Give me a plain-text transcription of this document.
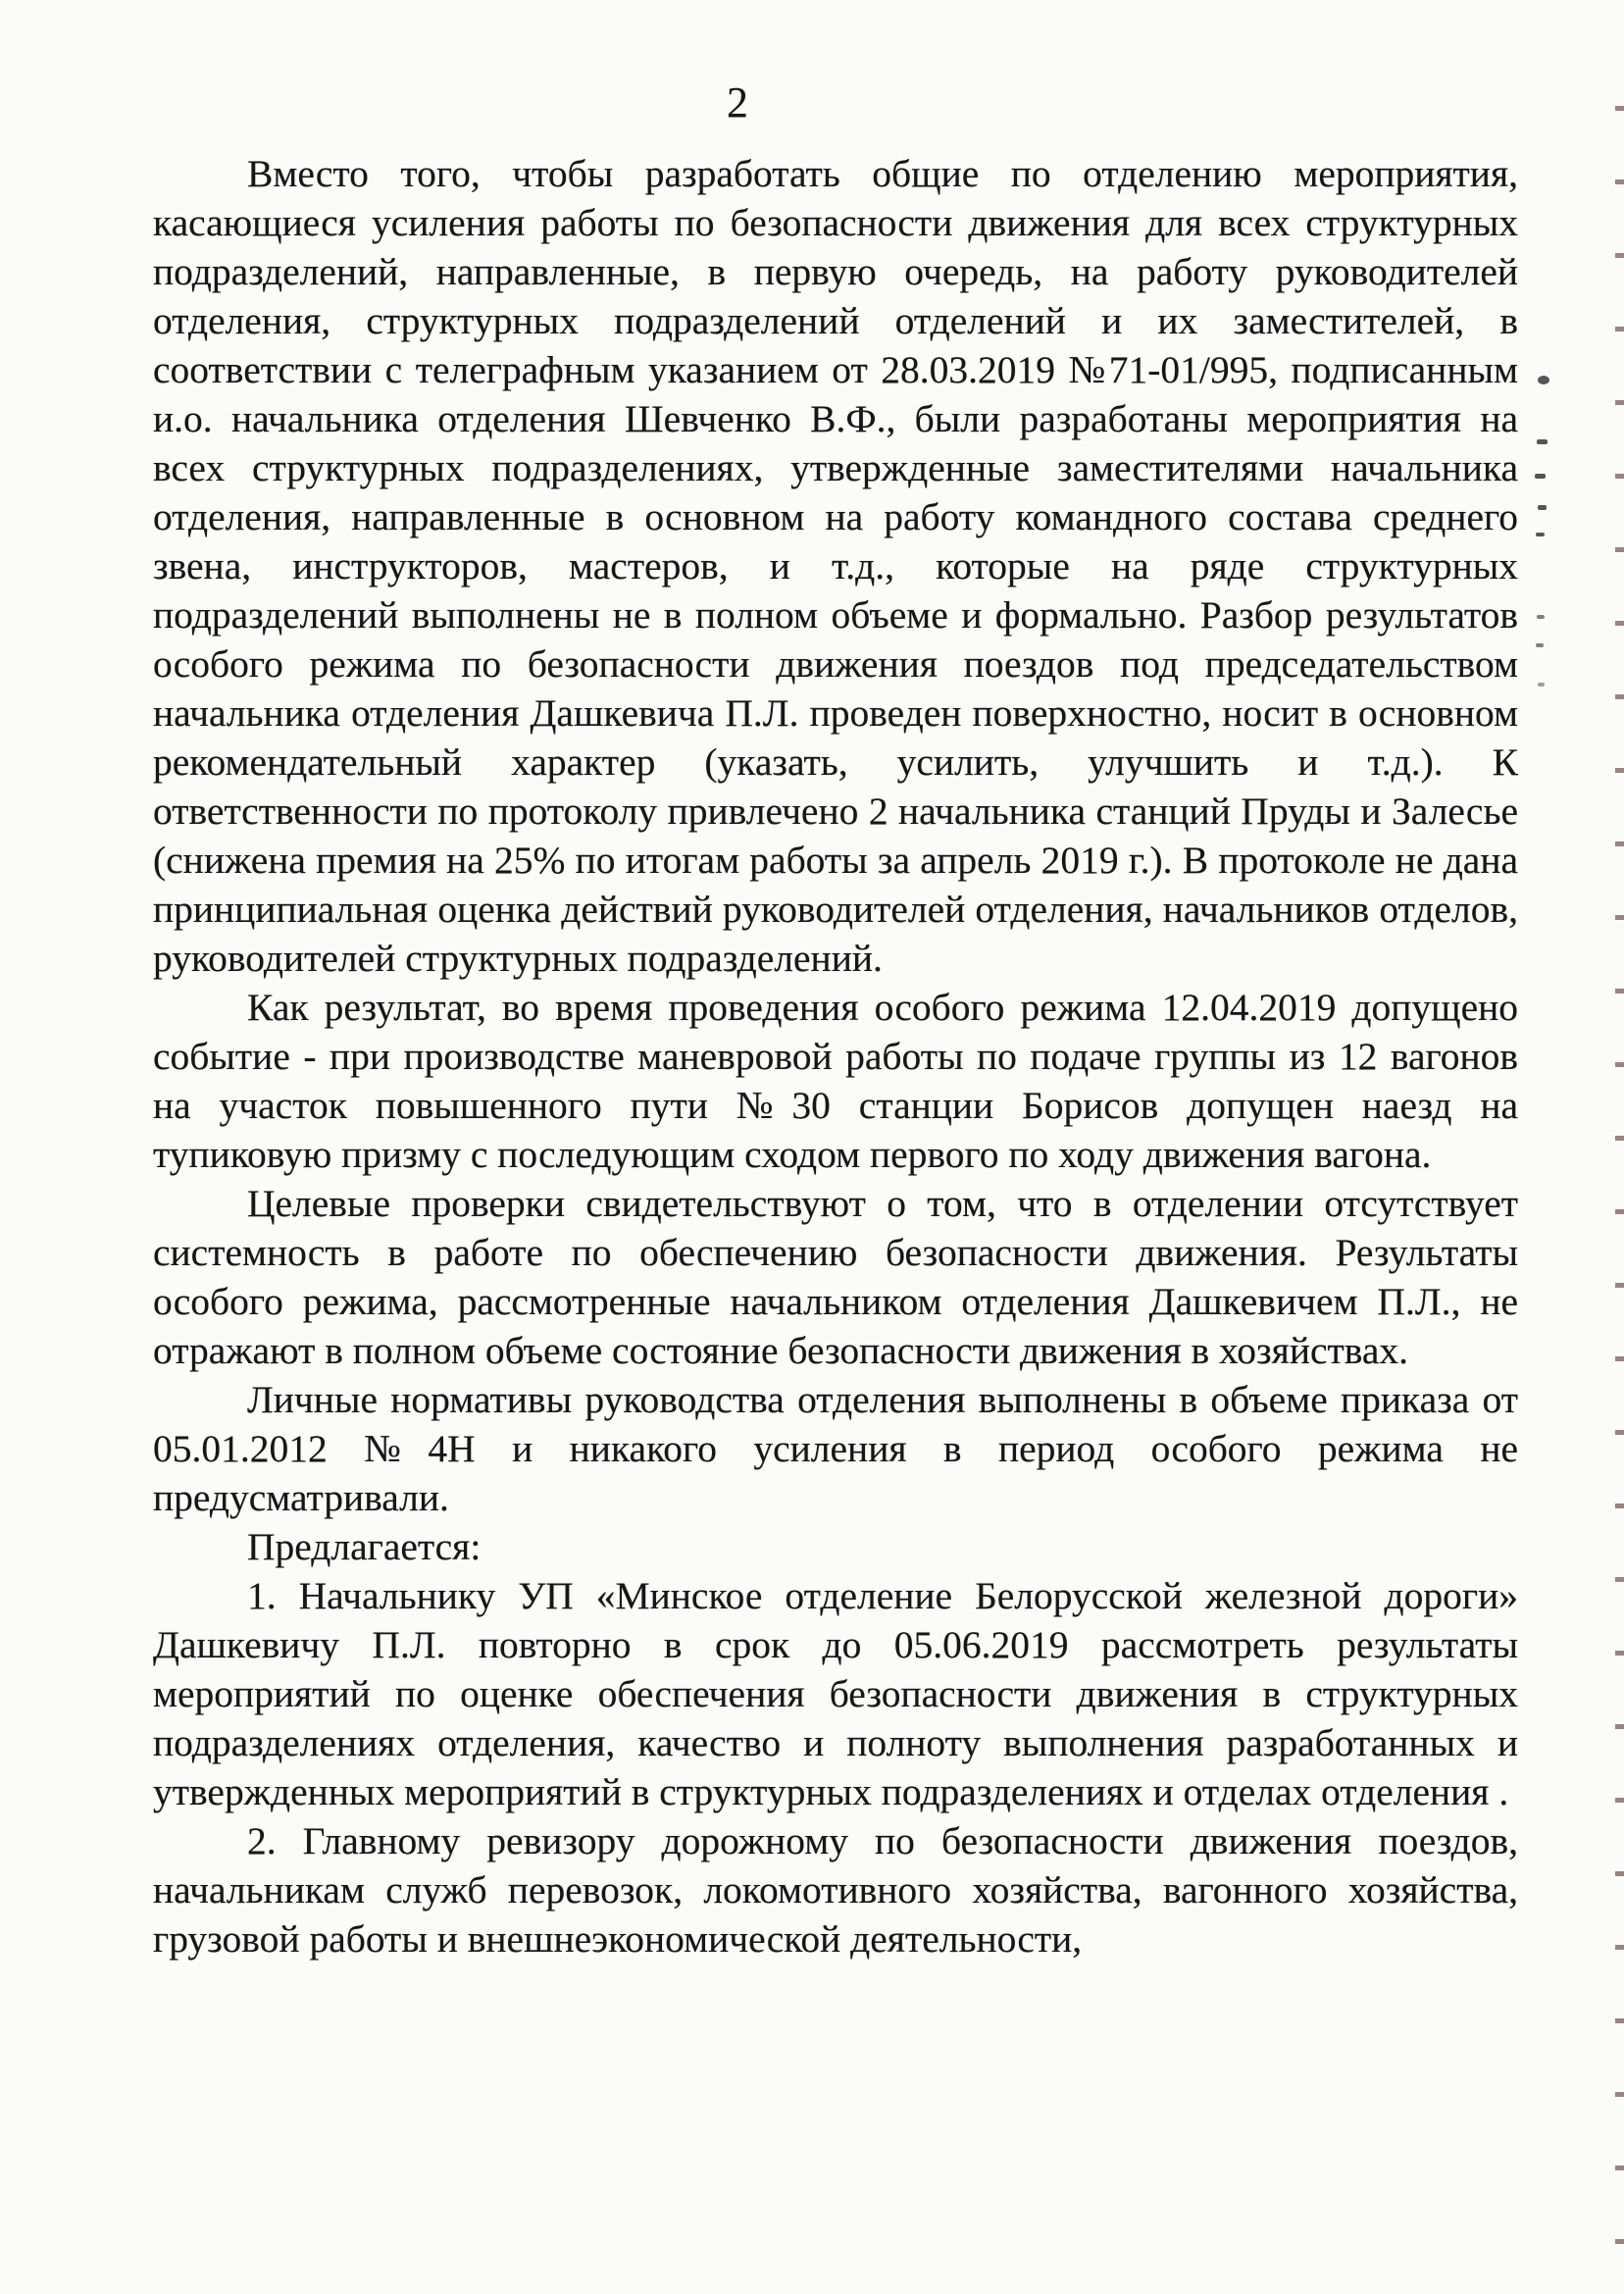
2

Вместо того, чтобы разработать общие по отделению мероприятия, касающиеся усиления работы по безопасности движения для всех структурных подразделений, направленные, в первую очередь, на работу руководителей отделения, структурных подразделений отделений и их заместителей, в соответствии с телеграфным указанием от 28.03.2019 №71-01/995, подписанным и.о. начальника отделения Шевченко В.Ф., были разработаны мероприятия на всех структурных подразделениях, утвержденные заместителями начальника отделения, направленные в основном на работу командного состава среднего звена, инструкторов, мастеров, и т.д., которые на ряде структурных подразделений выполнены не в полном объеме и формально. Разбор результатов особого режима по безопасности движения поездов под председательством начальника отделения Дашкевича П.Л. проведен поверхностно, носит в основном рекомендательный характер (указать, усилить, улучшить и т.д.). К ответственности по протоколу привлечено 2 начальника станций Пруды и Залесье (снижена премия на 25% по итогам работы за апрель 2019 г.). В протоколе не дана принципиальная оценка действий руководителей отделения, начальников отделов, руководителей структурных подразделений.

Как результат, во время проведения особого режима 12.04.2019 допущено событие - при производстве маневровой работы по подаче группы из 12 вагонов на участок повышенного пути №30 станции Борисов допущен наезд на тупиковую призму с последующим сходом первого по ходу движения вагона.

Целевые проверки свидетельствуют о том, что в отделении отсутствует системность в работе по обеспечению безопасности движения. Результаты особого режима, рассмотренные начальником отделения Дашкевичем П.Л., не отражают в полном объеме состояние безопасности движения в хозяйствах.

Личные нормативы руководства отделения выполнены в объеме приказа от 05.01.2012 №4Н и никакого усиления в период особого режима не предусматривали.

Предлагается:

1. Начальнику УП «Минское отделение Белорусской железной дороги» Дашкевичу П.Л. повторно в срок до 05.06.2019 рассмотреть результаты мероприятий по оценке обеспечения безопасности движения в структурных подразделениях отделения, качество и полноту выполнения разработанных и утвержденных мероприятий в структурных подразделениях и отделах отделения .

2. Главному ревизору дорожному по безопасности движения поездов, начальникам служб перевозок, локомотивного хозяйства, вагонного хозяйства, грузовой работы и внешнеэкономической деятельности,
